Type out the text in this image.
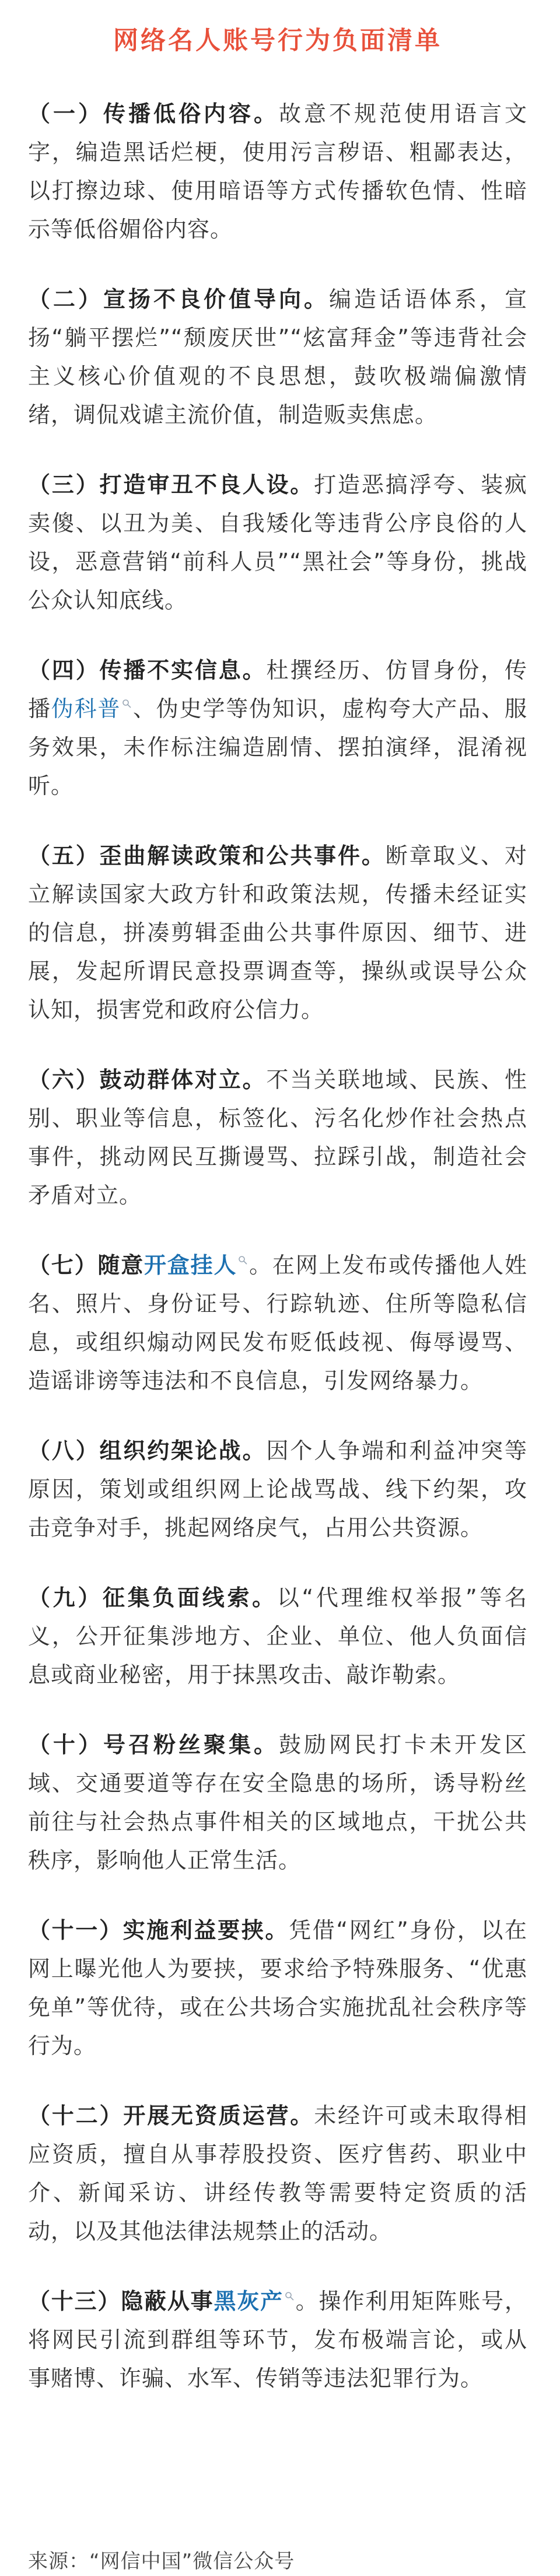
网络名人账号行为负面清单

（一）传播低俗内容。故意不规范使用语言文字，编造黑话烂梗，使用污言秽语、粗鄙表达，以打擦边球、使用暗语等方式传播软色情、性暗示等低俗媚俗内容。

（二）宣扬不良价值导向。编造话语体系，宣扬“躺平摆烂”“颓废厌世”“炫富拜金”等违背社会主义核心价值观的不良思想，鼓吹极端偏激情绪，调侃戏谑主流价值，制造贩卖焦虑。

（三）打造审丑不良人设。打造恶搞浮夸、装疯卖傻、以丑为美、自我矮化等违背公序良俗的人设，恶意营销“前科人员”“黑社会”等身份，挑战公众认知底线。

（四）传播不实信息。杜撰经历、仿冒身份，传播伪科普 、伪史学等伪知识，虚构夸大产品、服务效果，未作标注编造剧情、摆拍演绎，混淆视听。

（五）歪曲解读政策和公共事件。断章取义、对立解读国家大政方针和政策法规，传播未经证实的信息，拼凑剪辑歪曲公共事件原因、细节、进展，发起所谓民意投票调查等，操纵或误导公众认知，损害党和政府公信力。

（六）鼓动群体对立。不当关联地域、民族、性别、职业等信息，标签化、污名化炒作社会热点事件，挑动网民互撕谩骂、拉踩引战，制造社会矛盾对立。

（七）随意开盒挂人 。在网上发布或传播他人姓名、照片、身份证号、行踪轨迹、住所等隐私信息，或组织煽动网民发布贬低歧视、侮辱谩骂、造谣诽谤等违法和不良信息，引发网络暴力。

（八）组织约架论战。因个人争端和利益冲突等原因，策划或组织网上论战骂战、线下约架，攻击竞争对手，挑起网络戾气，占用公共资源。

（九）征集负面线索。以“代理维权举报”等名义，公开征集涉地方、企业、单位、他人负面信息或商业秘密，用于抹黑攻击、敲诈勒索。

（十）号召粉丝聚集。鼓励网民打卡未开发区域、交通要道等存在安全隐患的场所，诱导粉丝前往与社会热点事件相关的区域地点，干扰公共秩序，影响他人正常生活。

（十一）实施利益要挟。凭借“网红”身份，以在网上曝光他人为要挟，要求给予特殊服务、“优惠免单”等优待，或在公共场合实施扰乱社会秩序等行为。

（十二）开展无资质运营。未经许可或未取得相应资质，擅自从事荐股投资、医疗售药、职业中介、新闻采访、讲经传教等需要特定资质的活动，以及其他法律法规禁止的活动。

（十三）隐蔽从事黑灰产 。操作利用矩阵账号，将网民引流到群组等环节，发布极端言论，或从事赌博、诈骗、水军、传销等违法犯罪行为。

来源：“网信中国”微信公众号
